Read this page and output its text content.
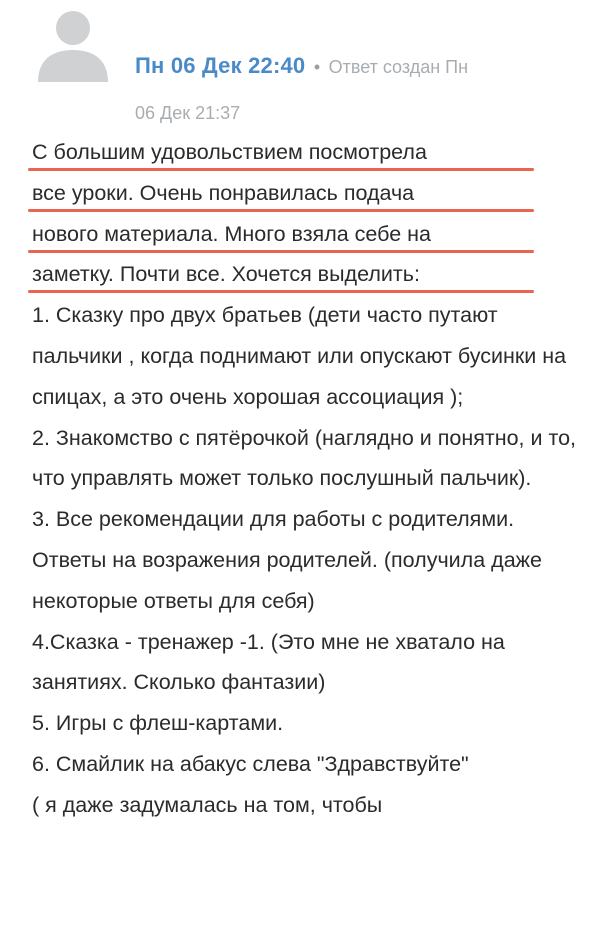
Пн 06 Дек 22:40 • Ответ создан Пн
06 Дек 21:37
С большим удовольствием посмотрела
все уроки. Очень понравилась подача
нового материала. Много взяла себе на
заметку. Почти все. Хочется выделить:
1. Сказку про двух братьев (дети часто путают пальчики , когда поднимают или опускают бусинки на спицах, а это очень хорошая ассоциация );
2. Знакомство с пятёрочкой (наглядно и понятно, и то, что управлять может только послушный пальчик).
3. Все рекомендации для работы с родителями. Ответы на возражения родителей. (получила даже некоторые ответы для себя)
4.Сказка - тренажер -1. (Это мне не хватало на занятиях. Сколько фантазии)
5. Игры с флеш-картами.
6. Смайлик на абакус слева "Здравствуйте"
( я даже задумалась на том, чтобы
